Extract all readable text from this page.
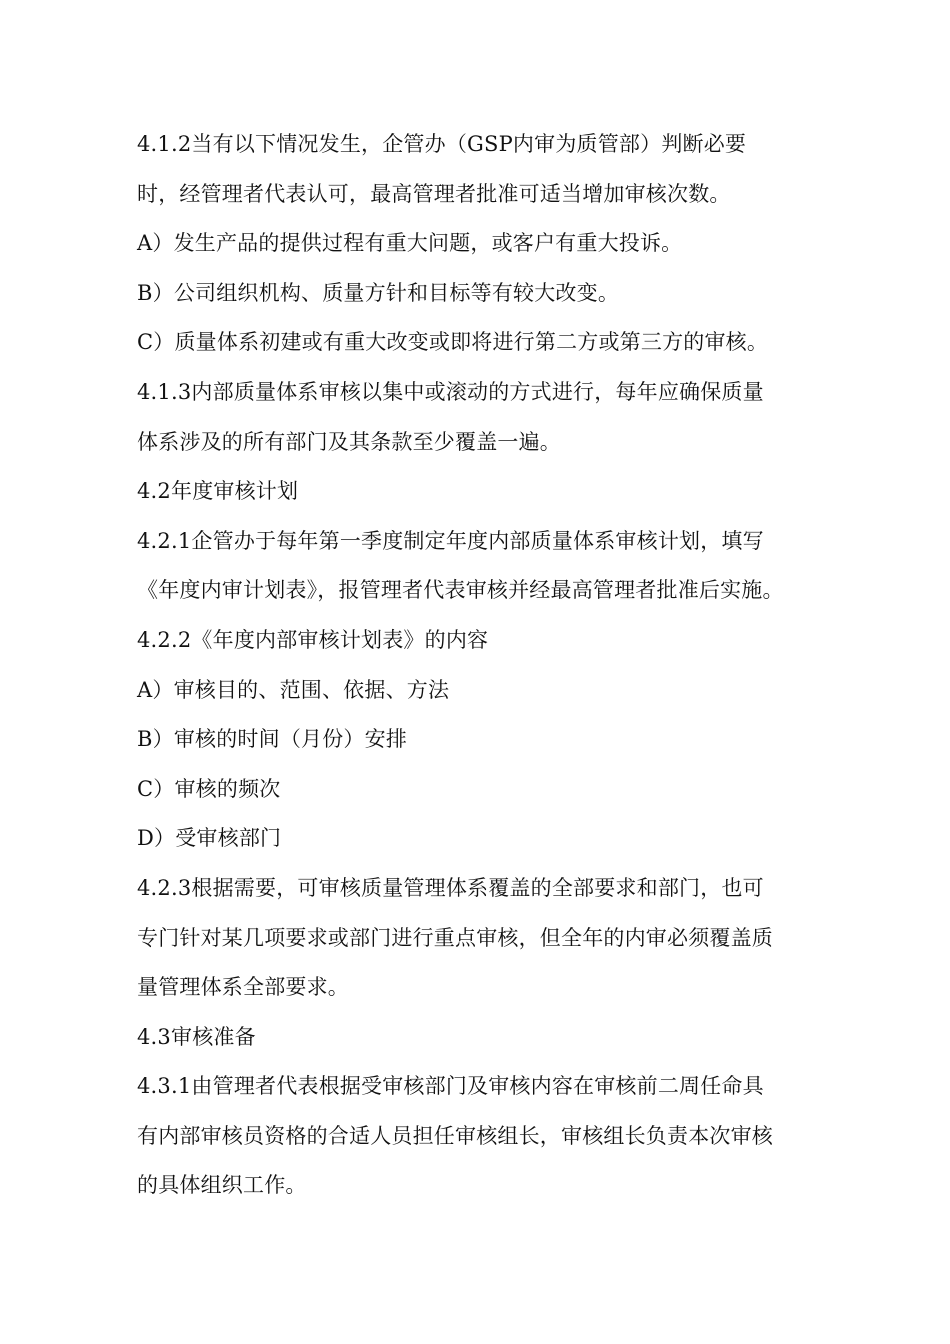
4.1.2当有以下情况发生，企管办（GSP内审为质管部）判断必要
时，经管理者代表认可，最高管理者批准可适当增加审核次数。
A）发生产品的提供过程有重大问题，或客户有重大投诉。
B）公司组织机构、质量方针和目标等有较大改变。
C）质量体系初建或有重大改变或即将进行第二方或第三方的审核。
4.1.3内部质量体系审核以集中或滚动的方式进行，每年应确保质量
体系涉及的所有部门及其条款至少覆盖一遍。
4.2年度审核计划
4.2.1企管办于每年第一季度制定年度内部质量体系审核计划，填写
《年度内审计划表》，报管理者代表审核并经最高管理者批准后实施。
4.2.2《年度内部审核计划表》的内容
A）审核目的、范围、依据、方法
B）审核的时间（月份）安排
C）审核的频次
D）受审核部门
4.2.3根据需要，可审核质量管理体系覆盖的全部要求和部门，也可
专门针对某几项要求或部门进行重点审核，但全年的内审必须覆盖质
量管理体系全部要求。
4.3审核准备
4.3.1由管理者代表根据受审核部门及审核内容在审核前二周任命具
有内部审核员资格的合适人员担任审核组长，审核组长负责本次审核
的具体组织工作。
